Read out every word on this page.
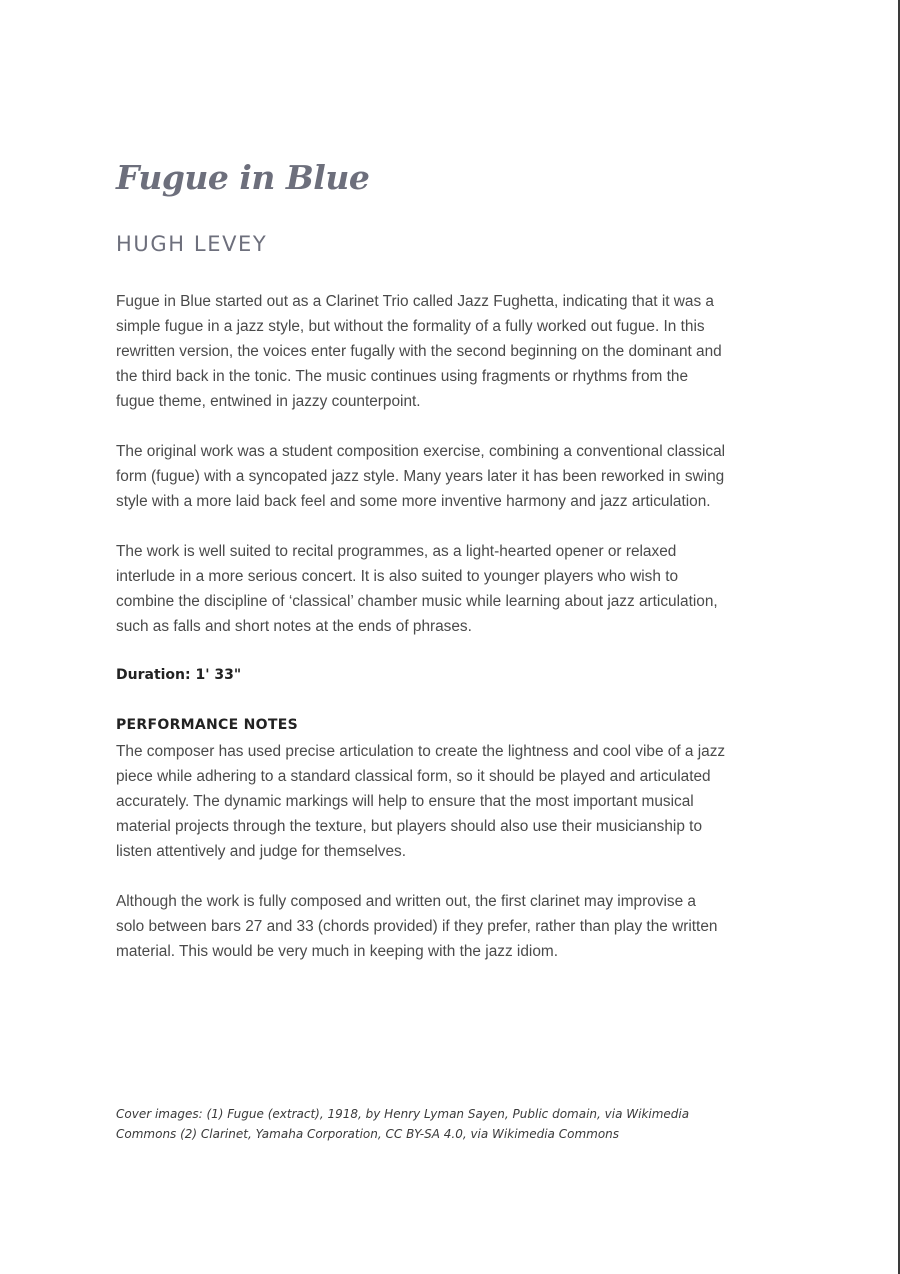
Fugue in Blue
HUGH LEVEY

Fugue in Blue started out as a Clarinet Trio called Jazz Fughetta, indicating that it was a
simple fugue in a jazz style, but without the formality of a fully worked out fugue. In this
rewritten version, the voices enter fugally with the second beginning on the dominant and
the third back in the tonic. The music continues using fragments or rhythms from the
fugue theme, entwined in jazzy counterpoint.

The original work was a student composition exercise, combining a conventional classical
form (fugue) with a syncopated jazz style. Many years later it has been reworked in swing
style with a more laid back feel and some more inventive harmony and jazz articulation.

The work is well suited to recital programmes, as a light-hearted opener or relaxed
interlude in a more serious concert. It is also suited to younger players who wish to
combine the discipline of ‘classical’ chamber music while learning about jazz articulation,
such as falls and short notes at the ends of phrases.

Duration: 1' 33"

PERFORMANCE NOTES

The composer has used precise articulation to create the lightness and cool vibe of a jazz
piece while adhering to a standard classical form, so it should be played and articulated
accurately. The dynamic markings will help to ensure that the most important musical
material projects through the texture, but players should also use their musicianship to
listen attentively and judge for themselves.

Although the work is fully composed and written out, the first clarinet may improvise a
solo between bars 27 and 33 (chords provided) if they prefer, rather than play the written
material. This would be very much in keeping with the jazz idiom.

Cover images: (1) Fugue (extract), 1918, by Henry Lyman Sayen, Public domain, via Wikimedia
Commons (2) Clarinet, Yamaha Corporation, CC BY-SA 4.0, via Wikimedia Commons
